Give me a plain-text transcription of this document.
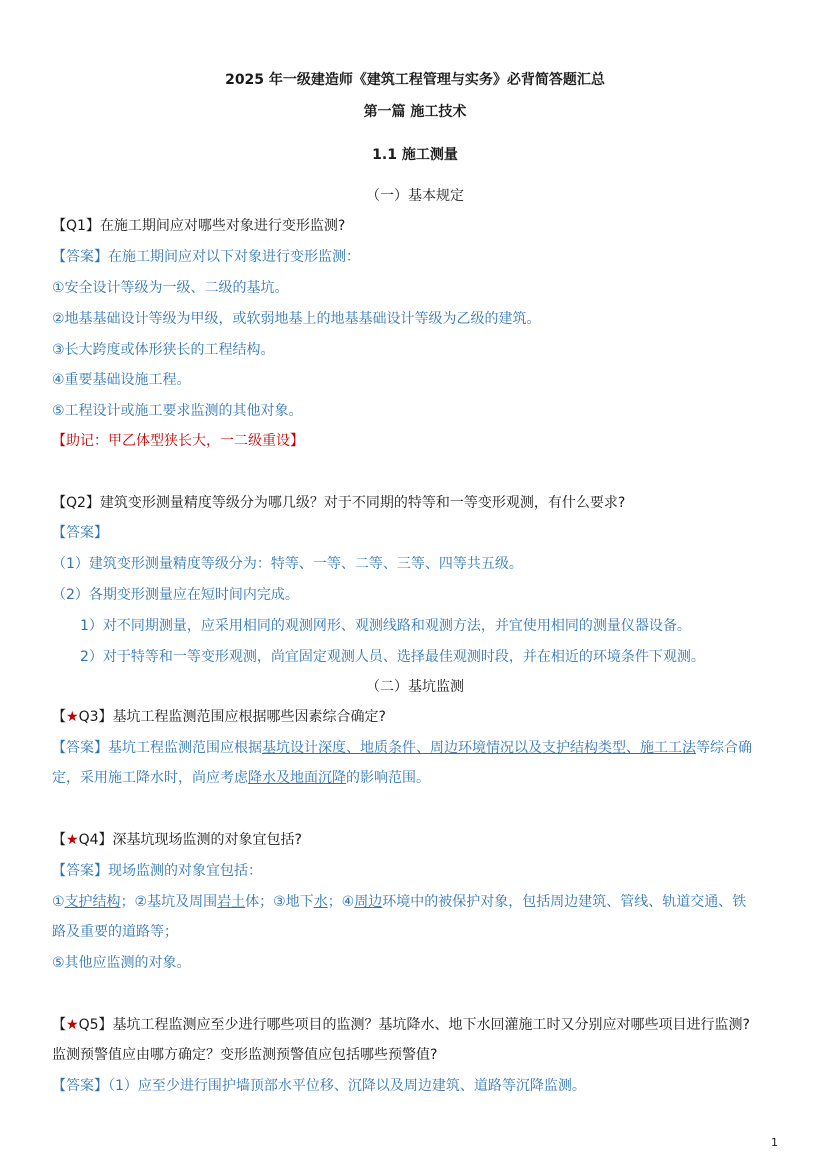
2025 年一级建造师《建筑工程管理与实务》必背简答题汇总
第一篇 施工技术
1.1 施工测量
（一）基本规定
【Q1】在施工期间应对哪些对象进行变形监测?
【答案】在施工期间应对以下对象进行变形监测：
①安全设计等级为一级、二级的基坑。
②地基基础设计等级为甲级，或软弱地基上的地基基础设计等级为乙级的建筑。
③长大跨度或体形狭长的工程结构。
④重要基础设施工程。
⑤工程设计或施工要求监测的其他对象。
【助记：甲乙体型狭长大，一二级重设】
【Q2】建筑变形测量精度等级分为哪几级？对于不同期的特等和一等变形观测，有什么要求?
【答案】
（1）建筑变形测量精度等级分为：特等、一等、二等、三等、四等共五级。
（2）各期变形测量应在短时间内完成。
1）对不同期测量，应采用相同的观测网形、观测线路和观测方法，并宜使用相同的测量仪器设备。
2）对于特等和一等变形观测，尚宜固定观测人员、选择最佳观测时段，并在相近的环境条件下观测。
（二）基坑监测
【★Q3】基坑工程监测范围应根据哪些因素综合确定?
【答案】基坑工程监测范围应根据基坑设计深度、地质条件、周边环境情况以及支护结构类型、施工工法等综合确
定，采用施工降水时，尚应考虑降水及地面沉降的影响范围。
【★Q4】深基坑现场监测的对象宜包括?
【答案】现场监测的对象宜包括：
①支护结构；②基坑及周围岩土体；③地下水；④周边环境中的被保护对象，包括周边建筑、管线、轨道交通、铁
路及重要的道路等；
⑤其他应监测的对象。
【★Q5】基坑工程监测应至少进行哪些项目的监测？基坑降水、地下水回灌施工时又分别应对哪些项目进行监测?
监测预警值应由哪方确定？变形监测预警值应包括哪些预警值?
【答案】（1）应至少进行围护墙顶部水平位移、沉降以及周边建筑、道路等沉降监测。
1
